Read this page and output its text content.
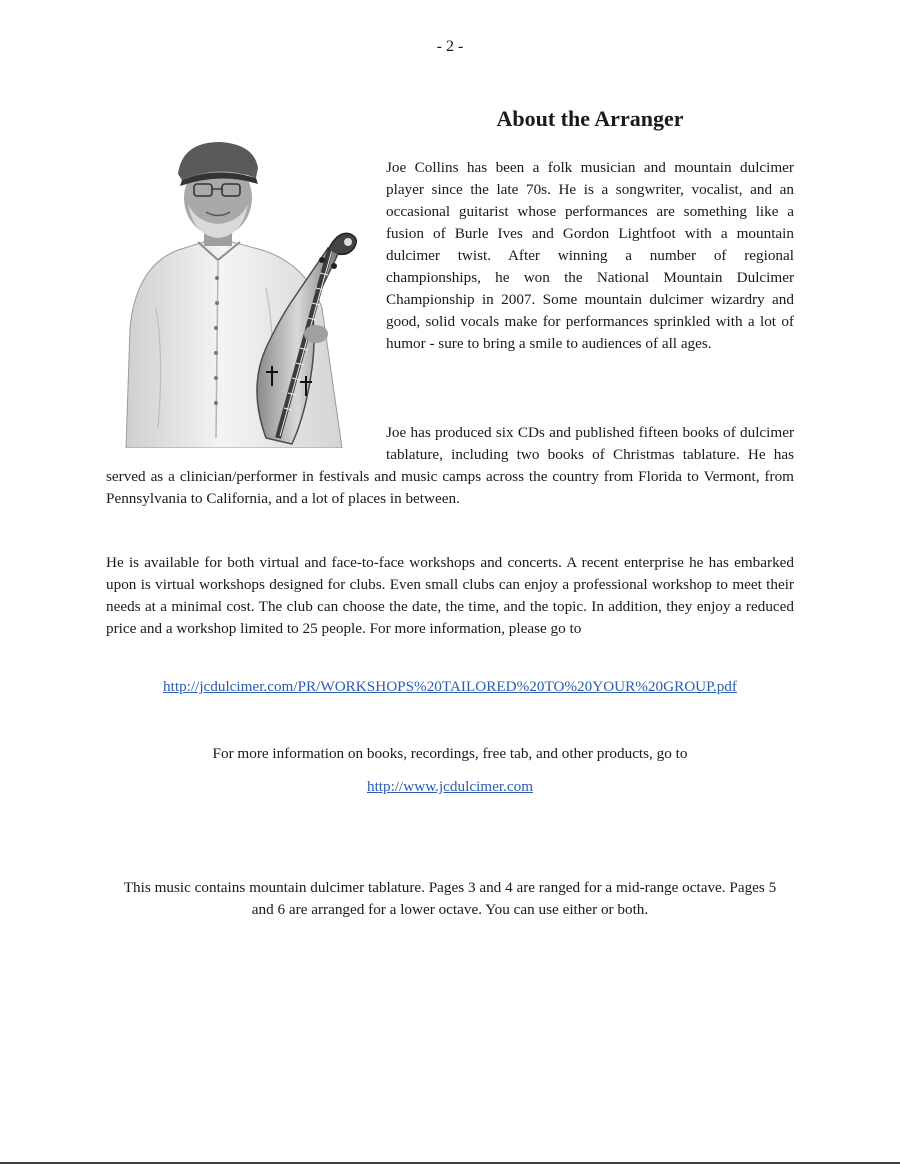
- 2 -
About the Arranger

Joe Collins has been a folk musician and mountain dulcimer player since the late 70s. He is a songwriter, vocalist, and an occasional guitarist whose performances are something like a fusion of Burle Ives and Gordon Lightfoot with a mountain dulcimer twist. After winning a number of regional championships, he won the National Mountain Dulcimer Championship in 2007. Some mountain dulcimer wizardry and good, solid vocals make for performances sprinkled with a lot of humor - sure to bring a smile to audiences of all ages.

Joe has produced six CDs and published fifteen books of dulcimer tablature, including two books of Christmas tablature. He has served as a clinician/performer in festivals and music camps across the country from Florida to Vermont, from Pennsylvania to California, and a lot of places in between.

He is available for both virtual and face-to-face workshops and concerts. A recent enterprise he has embarked upon is virtual workshops designed for clubs. Even small clubs can enjoy a professional workshop to meet their needs at a minimal cost. The club can choose the date, the time, and the topic. In addition, they enjoy a reduced price and a workshop limited to 25 people. For more information, please go to

http://jcdulcimer.com/PR/WORKSHOPS%20TAILORED%20TO%20YOUR%20GROUP.pdf
For more information on books, recordings, free tab, and other products, go to
http://www.jcdulcimer.com

This music contains mountain dulcimer tablature. Pages 3 and 4 are ranged for a mid-range octave. Pages 5 and 6 are arranged for a lower octave. You can use either or both.
